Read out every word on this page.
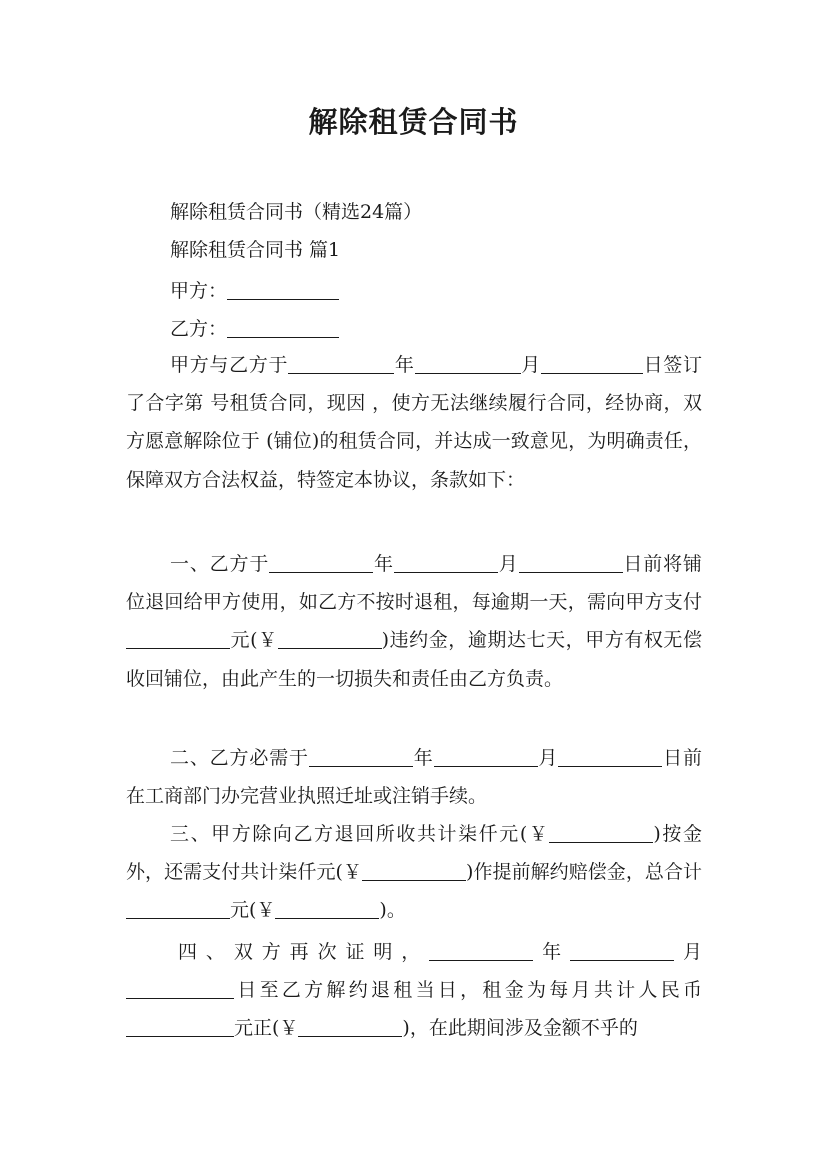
解除租赁合同书
解除租赁合同书（精选24篇）
解除租赁合同书 篇1
甲方：
乙方：
甲方与乙方于	年	月	日签订了合字第 号租赁合同，现因 ，使方无法继续履行合同，经协商，双方愿意解除位于 (铺位)的租赁合同，并达成一致意见，为明确责任，保障双方合法权益，特签定本协议，条款如下：
一、乙方于	年	月	日前将铺位退回给甲方使用，如乙方不按时退租，每逾期一天，需向甲方支付元(￥	)违约金，逾期达七天，甲方有权无偿收回铺位，由此产生的一切损失和责任由乙方负责。
二、乙方必需于	年	月	日前在工商部门办完营业执照迁址或注销手续。
三、甲方除向乙方退回所收共计柒仟元(￥	)按金外，还需支付共计柒仟元(￥	)作提前解约赔偿金，总合计元(￥	)。
四、双方再次证明，	年	月日至乙方解约退租当日，租金为每月共计人民币元正(￥	)，在此期间涉及金额不乎的
